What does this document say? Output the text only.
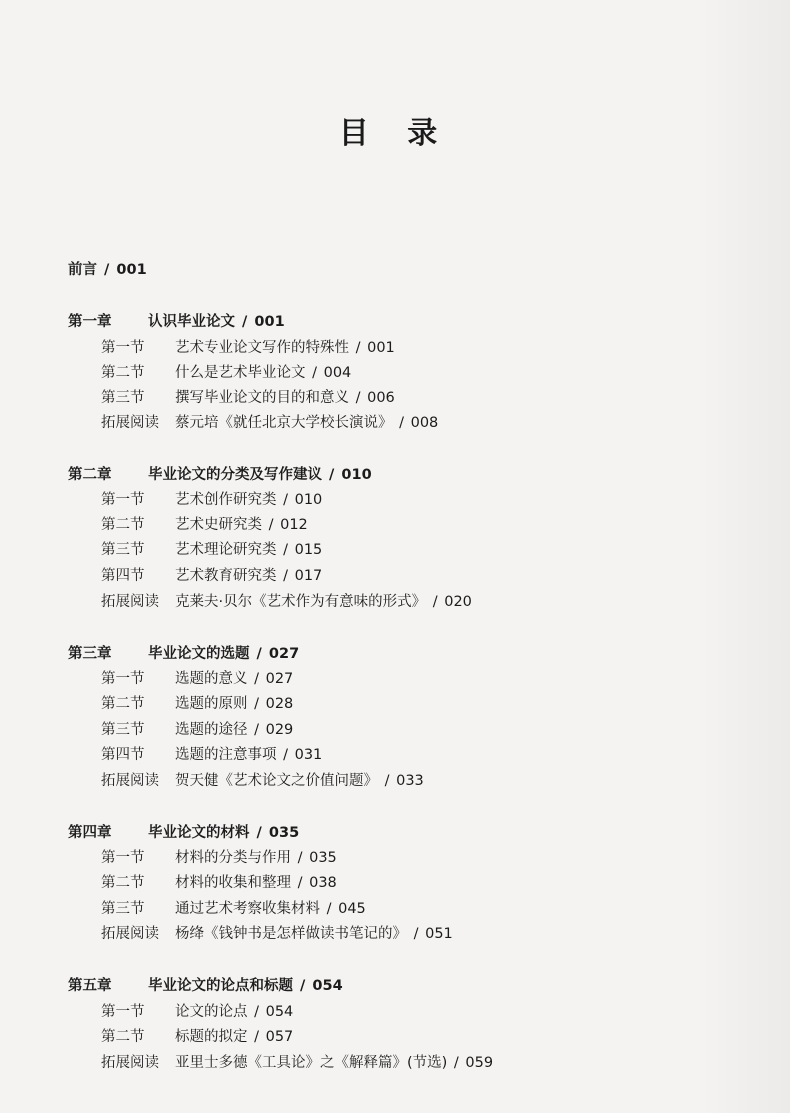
目 录
前言 / 001
第一章	认识毕业论文 / 001
第一节 艺术专业论文写作的特殊性 / 001
第二节 什么是艺术毕业论文 / 004
第三节 撰写毕业论文的目的和意义 / 006
拓展阅读 蔡元培《就任北京大学校长演说》 / 008
第二章	毕业论文的分类及写作建议 / 010
第一节 艺术创作研究类 / 010
第二节 艺术史研究类 / 012
第三节 艺术理论研究类 / 015
第四节 艺术教育研究类 / 017
拓展阅读 克莱夫·贝尔《艺术作为有意味的形式》 / 020
第三章	毕业论文的选题 / 027
第一节 选题的意义 / 027
第二节 选题的原则 / 028
第三节 选题的途径 / 029
第四节 选题的注意事项 / 031
拓展阅读 贺天健《艺术论文之价值问题》 / 033
第四章	毕业论文的材料 / 035
第一节 材料的分类与作用 / 035
第二节 材料的收集和整理 / 038
第三节 通过艺术考察收集材料 / 045
拓展阅读 杨绛《钱钟书是怎样做读书笔记的》 / 051
第五章	毕业论文的论点和标题 / 054
第一节 论文的论点 / 054
第二节 标题的拟定 / 057
拓展阅读 亚里士多德《工具论》之《解释篇》(节选) / 059
